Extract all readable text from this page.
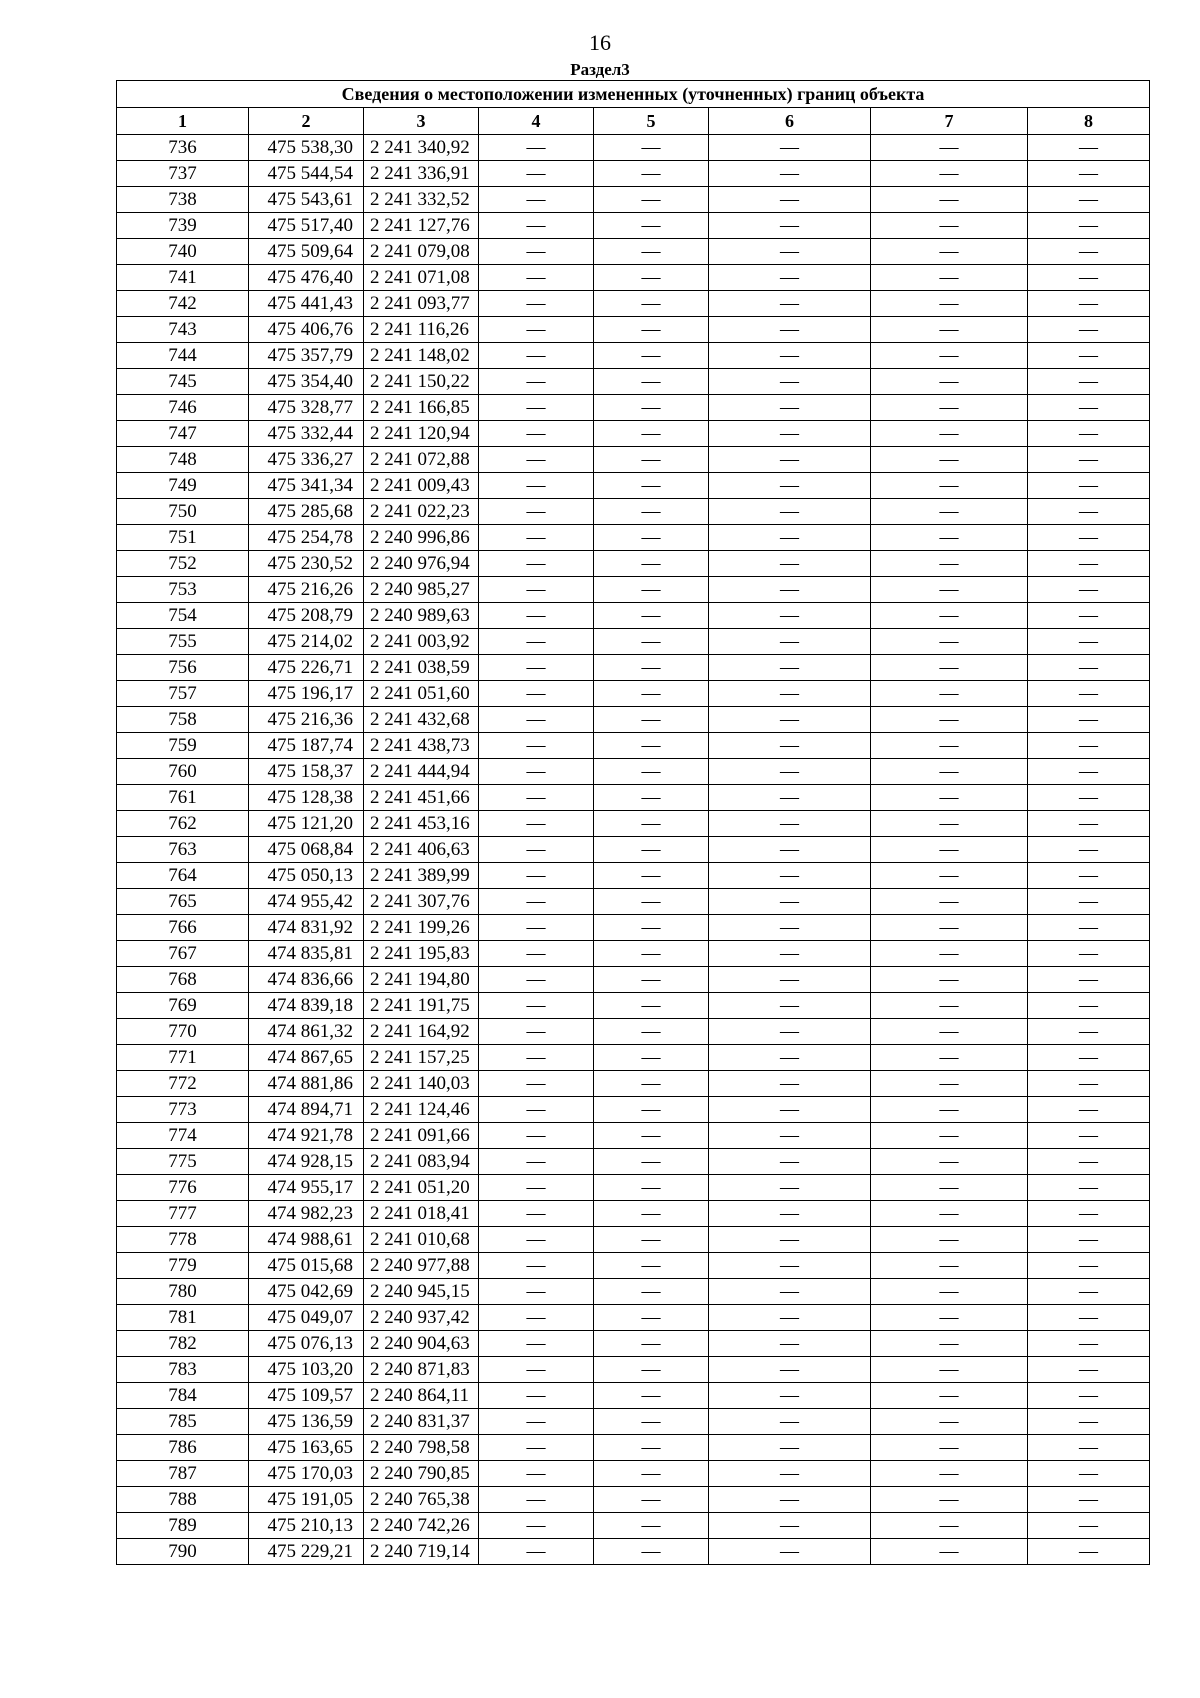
16
Раздел3
Сведения о местоположении измененных (уточненных) границ объекта							
1	2	3	4	5	6	7	8
736	475 538,30	2 241 340,92	—	—	—	—	—
737	475 544,54	2 241 336,91	—	—	—	—	—
738	475 543,61	2 241 332,52	—	—	—	—	—
739	475 517,40	2 241 127,76	—	—	—	—	—
740	475 509,64	2 241 079,08	—	—	—	—	—
741	475 476,40	2 241 071,08	—	—	—	—	—
742	475 441,43	2 241 093,77	—	—	—	—	—
743	475 406,76	2 241 116,26	—	—	—	—	—
744	475 357,79	2 241 148,02	—	—	—	—	—
745	475 354,40	2 241 150,22	—	—	—	—	—
746	475 328,77	2 241 166,85	—	—	—	—	—
747	475 332,44	2 241 120,94	—	—	—	—	—
748	475 336,27	2 241 072,88	—	—	—	—	—
749	475 341,34	2 241 009,43	—	—	—	—	—
750	475 285,68	2 241 022,23	—	—	—	—	—
751	475 254,78	2 240 996,86	—	—	—	—	—
752	475 230,52	2 240 976,94	—	—	—	—	—
753	475 216,26	2 240 985,27	—	—	—	—	—
754	475 208,79	2 240 989,63	—	—	—	—	—
755	475 214,02	2 241 003,92	—	—	—	—	—
756	475 226,71	2 241 038,59	—	—	—	—	—
757	475 196,17	2 241 051,60	—	—	—	—	—
758	475 216,36	2 241 432,68	—	—	—	—	—
759	475 187,74	2 241 438,73	—	—	—	—	—
760	475 158,37	2 241 444,94	—	—	—	—	—
761	475 128,38	2 241 451,66	—	—	—	—	—
762	475 121,20	2 241 453,16	—	—	—	—	—
763	475 068,84	2 241 406,63	—	—	—	—	—
764	475 050,13	2 241 389,99	—	—	—	—	—
765	474 955,42	2 241 307,76	—	—	—	—	—
766	474 831,92	2 241 199,26	—	—	—	—	—
767	474 835,81	2 241 195,83	—	—	—	—	—
768	474 836,66	2 241 194,80	—	—	—	—	—
769	474 839,18	2 241 191,75	—	—	—	—	—
770	474 861,32	2 241 164,92	—	—	—	—	—
771	474 867,65	2 241 157,25	—	—	—	—	—
772	474 881,86	2 241 140,03	—	—	—	—	—
773	474 894,71	2 241 124,46	—	—	—	—	—
774	474 921,78	2 241 091,66	—	—	—	—	—
775	474 928,15	2 241 083,94	—	—	—	—	—
776	474 955,17	2 241 051,20	—	—	—	—	—
777	474 982,23	2 241 018,41	—	—	—	—	—
778	474 988,61	2 241 010,68	—	—	—	—	—
779	475 015,68	2 240 977,88	—	—	—	—	—
780	475 042,69	2 240 945,15	—	—	—	—	—
781	475 049,07	2 240 937,42	—	—	—	—	—
782	475 076,13	2 240 904,63	—	—	—	—	—
783	475 103,20	2 240 871,83	—	—	—	—	—
784	475 109,57	2 240 864,11	—	—	—	—	—
785	475 136,59	2 240 831,37	—	—	—	—	—
786	475 163,65	2 240 798,58	—	—	—	—	—
787	475 170,03	2 240 790,85	—	—	—	—	—
788	475 191,05	2 240 765,38	—	—	—	—	—
789	475 210,13	2 240 742,26	—	—	—	—	—
790	475 229,21	2 240 719,14	—	—	—	—	—
